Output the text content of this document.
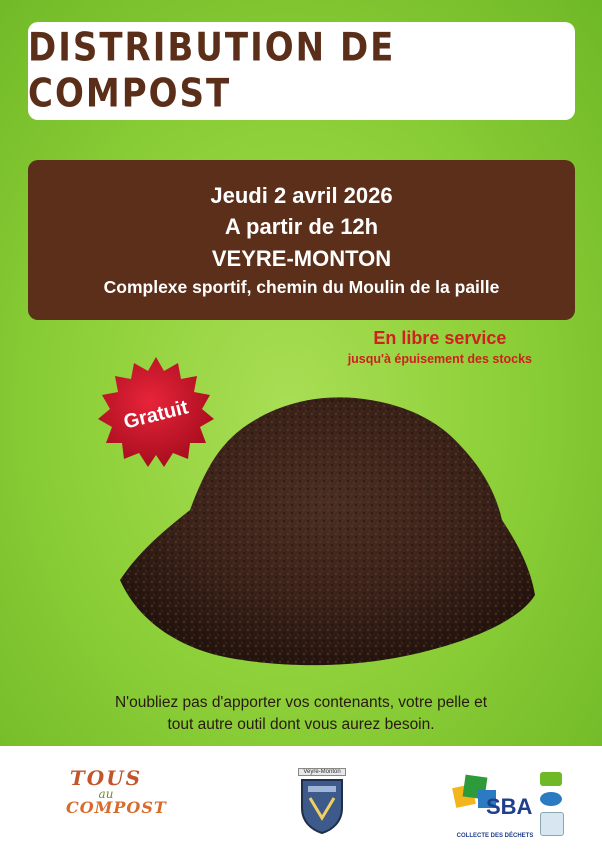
DISTRIBUTION DE COMPOST
Jeudi 2 avril 2026
A partir de 12h
VEYRE-MONTON
Complexe sportif, chemin du Moulin de la paille
En libre service
jusqu'à épuisement des stocks
Gratuit
N'oubliez pas d'apporter vos contenants, votre pelle et
tout autre outil dont vous aurez besoin.
TOUS
au
COMPOST
Veyre-Monton
SBA
COLLECTE DES DÉCHETS
